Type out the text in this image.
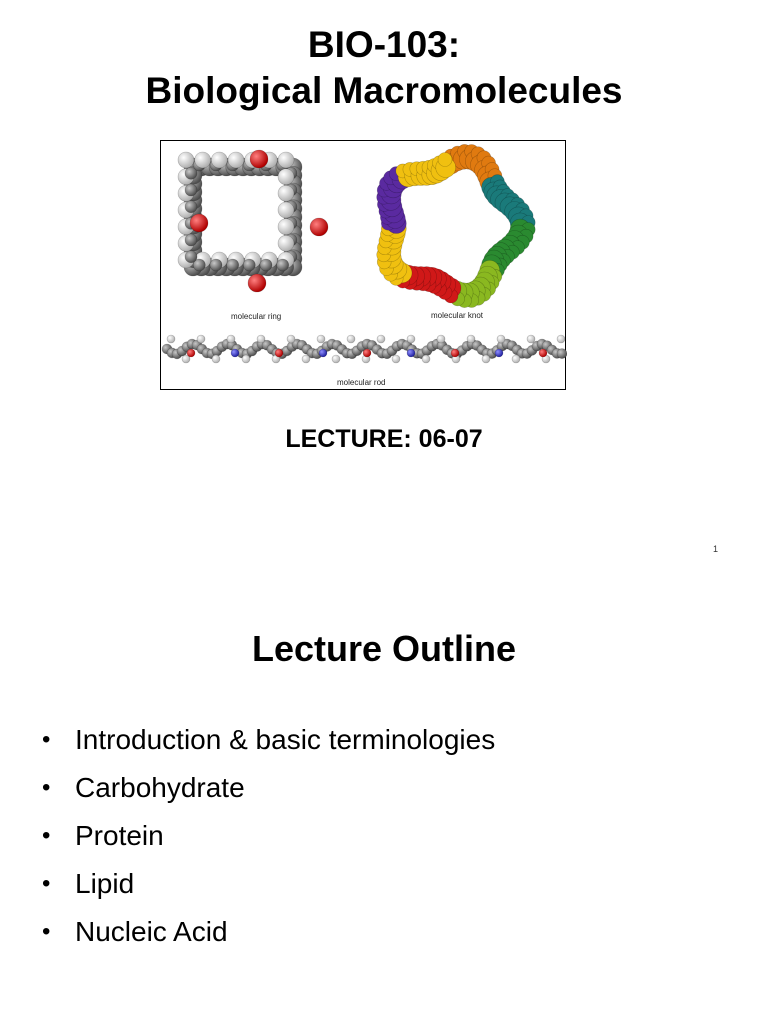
BIO-103:
Biological Macromolecules
molecular ring	molecular knot
molecular rod
LECTURE: 06-07
1
Lecture Outline
• Introduction & basic terminologies
• Carbohydrate
• Protein
• Lipid
• Nucleic Acid
